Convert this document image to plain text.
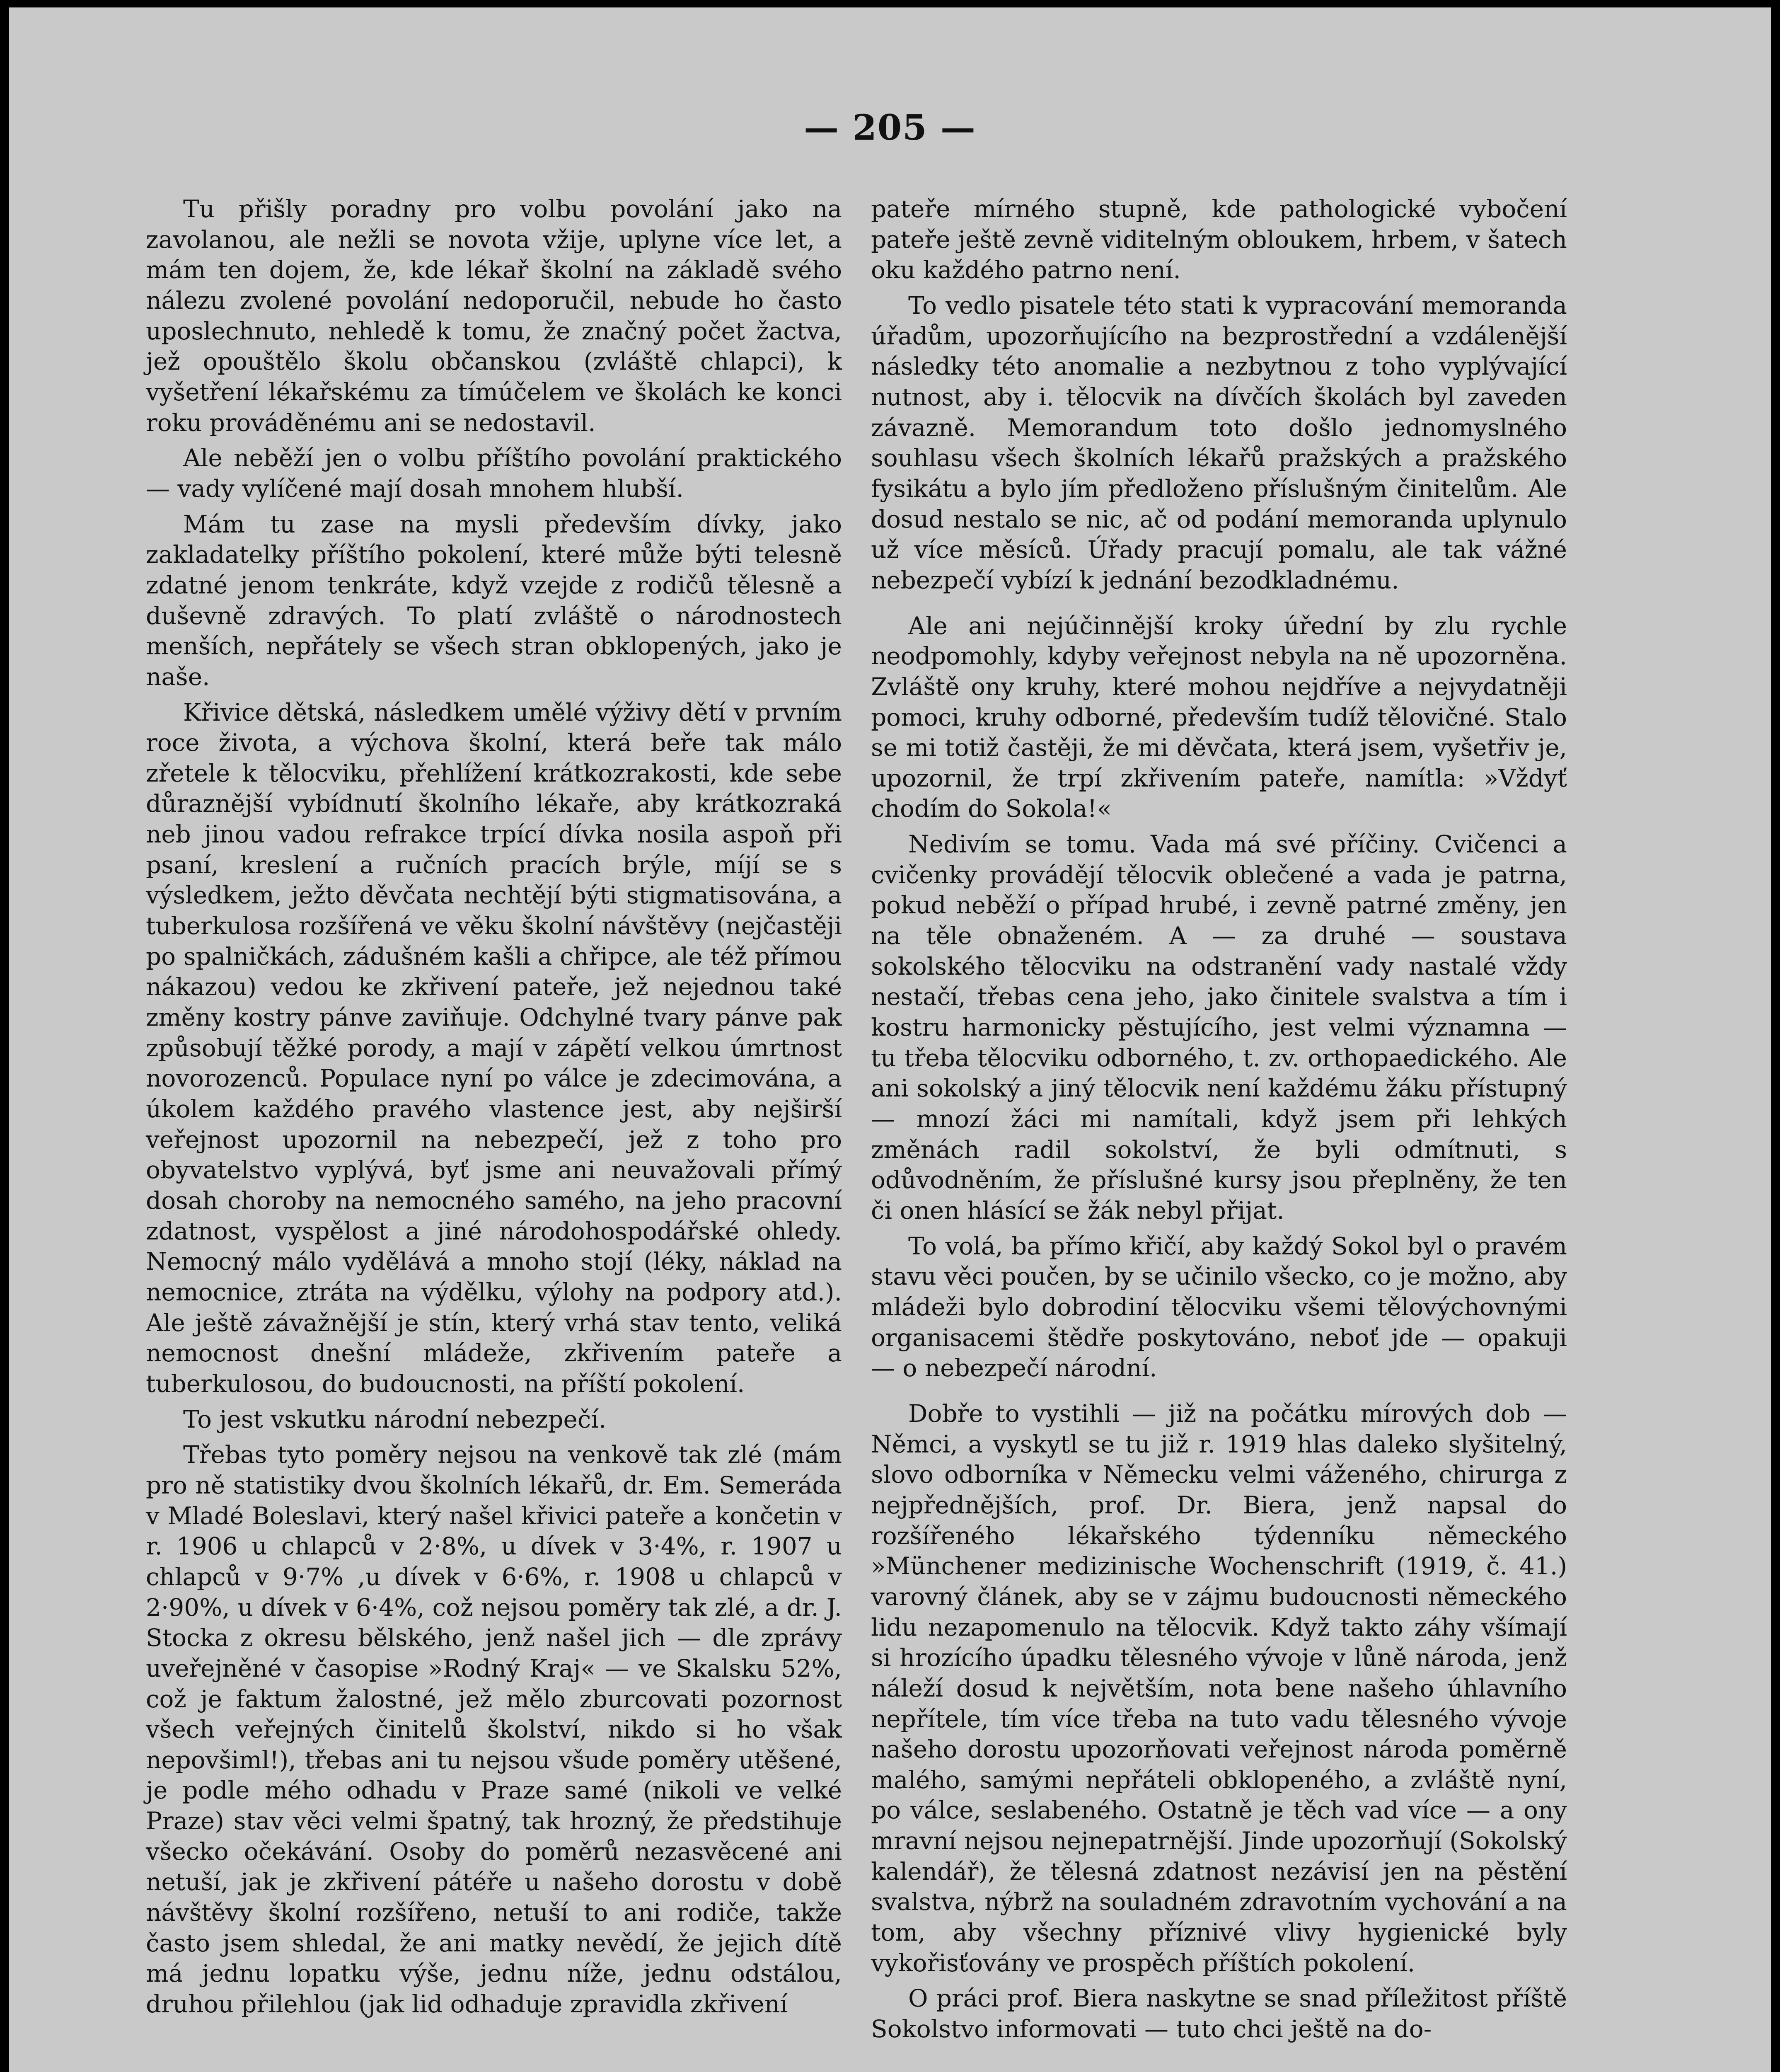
— 205 —

Tu přišly poradny pro volbu povolání jako na zavolanou, ale nežli se novota vžije, uplyne více let, a mám ten dojem, že, kde lékař školní na základě svého nálezu zvolené povolání nedoporučil, nebude ho často uposlechnuto, nehledě k tomu, že značný počet žactva, jež opouštělo školu občanskou (zvláště chlapci), k vyšetření lékařskému za tímúčelem ve školách ke konci roku prováděnému ani se nedostavil.

Ale neběží jen o volbu příštího povolání praktického — vady vylíčené mají dosah mnohem hlubší.

Mám tu zase na mysli především dívky, jako zakladatelky příštího pokolení, které může býti telesně zdatné jenom tenkráte, když vzejde z rodičů tělesně a duševně zdravých. To platí zvláště o národnostech menších, nepřátely se všech stran obklopených, jako je naše.

Křivice dětská, následkem umělé výživy dětí v prvním roce života, a výchova školní, která beře tak málo zřetele k tělocviku, přehlížení krátkozrakosti, kde sebe důraznější vybídnutí školního lékaře, aby krátkozraká neb jinou vadou refrakce trpící dívka nosila aspoň při psaní, kreslení a ručních pracích brýle, míjí se s výsledkem, ježto děvčata nechtějí býti stigmatisována, a tuberkulosa rozšířená ve věku školní návštěvy (nejčastěji po spalničkách, zádušném kašli a chřipce, ale též přímou nákazou) vedou ke zkřivení pateře, jež nejednou také změny kostry pánve zaviňuje. Odchylné tvary pánve pak způsobují těžké porody, a mají v zápětí velkou úmrtnost novorozenců. Populace nyní po válce je zdecimována, a úkolem každého pravého vlastence jest, aby nejširší veřejnost upozornil na nebezpečí, jež z toho pro obyvatelstvo vyplývá, byť jsme ani neuvažovali přímý dosah choroby na nemocného samého, na jeho pracovní zdatnost, vyspělost a jiné národohospodářské ohledy. Nemocný málo vydělává a mnoho stojí (léky, náklad na nemocnice, ztráta na výdělku, výlohy na podpory atd.). Ale ještě závažnější je stín, který vrhá stav tento, veliká nemocnost dnešní mládeže, zkřivením pateře a tuberkulosou, do budoucnosti, na příští pokolení.

To jest vskutku národní nebezpečí.

Třebas tyto poměry nejsou na venkově tak zlé (mám pro ně statistiky dvou školních lékařů, dr. Em. Semeráda v Mladé Boleslavi, který našel křivici pateře a končetin v r. 1906 u chlapců v 2·8%, u dívek v 3·4%, r. 1907 u chlapců v 9·7% ,u dívek v 6·6%, r. 1908 u chlapců v 2·90%, u dívek v 6·4%, což nejsou poměry tak zlé, a dr. J. Stocka z okresu bělského, jenž našel jich — dle zprávy uveřejněné v časopise »Rodný Kraj« — ve Skalsku 52%, což je faktum žalostné, jež mělo zburcovati pozornost všech veřejných činitelů školství, nikdo si ho však nepovšiml!), třebas ani tu nejsou všude poměry utěšené, je podle mého odhadu v Praze samé (nikoli ve velké Praze) stav věci velmi špatný, tak hrozný, že předstihuje všecko očekávání. Osoby do poměrů nezasvěcené ani netuší, jak je zkřivení pátéře u našeho dorostu v době návštěvy školní rozšířeno, netuší to ani rodiče, takže často jsem shledal, že ani matky nevědí, že jejich dítě má jednu lopatku výše, jednu níže, jednu odstálou, druhou přilehlou (jak lid odhaduje zpravidla zkřivení

pateře mírného stupně, kde pathologické vybočení pateře ještě zevně viditelným obloukem, hrbem, v šatech oku každého patrno není.

To vedlo pisatele této stati k vypracování memoranda úřadům, upozorňujícího na bezprostřední a vzdálenější následky této anomalie a nezbytnou z toho vyplývající nutnost, aby i. tělocvik na dívčích školách byl zaveden závazně. Memorandum toto došlo jednomyslného souhlasu všech školních lékařů pražských a pražského fysikátu a bylo jím předloženo příslušným činitelům. Ale dosud nestalo se nic, ač od podání memoranda uplynulo už více měsíců. Úřady pracují pomalu, ale tak vážné nebezpečí vybízí k jednání bezodkladnému.

Ale ani nejúčinnější kroky úřední by zlu rychle neodpomohly, kdyby veřejnost nebyla na ně upozorněna. Zvláště ony kruhy, které mohou nejdříve a nejvydatněji pomoci, kruhy odborné, především tudíž tělovičné. Stalo se mi totiž častěji, že mi děvčata, která jsem, vyšetřiv je, upozornil, že trpí zkřivením pateře, namítla: »Vždyť chodím do Sokola!«

Nedivím se tomu. Vada má své příčiny. Cvičenci a cvičenky provádějí tělocvik oblečené a vada je patrna, pokud neběží o případ hrubé, i zevně patrné změny, jen na těle obnaženém. A — za druhé — soustava sokolského tělocviku na odstranění vady nastalé vždy nestačí, třebas cena jeho, jako činitele svalstva a tím i kostru harmonicky pěstujícího, jest velmi významna — tu třeba tělocviku odborného, t. zv. orthopaedického. Ale ani sokolský a jiný tělocvik není každému žáku přístupný — mnozí žáci mi namítali, když jsem při lehkých změnách radil sokolství, že byli odmítnuti, s odůvodněním, že příslušné kursy jsou přeplněny, že ten či onen hlásící se žák nebyl přijat.

To volá, ba přímo křičí, aby každý Sokol byl o pravém stavu věci poučen, by se učinilo všecko, co je možno, aby mládeži bylo dobrodiní tělocviku všemi tělovýchovnými organisacemi štědře poskytováno, neboť jde — opakuji — o nebezpečí národní.

Dobře to vystihli — již na počátku mírových dob — Němci, a vyskytl se tu již r. 1919 hlas daleko slyšitelný, slovo odborníka v Německu velmi váženého, chirurga z nejpřednějších, prof. Dr. Biera, jenž napsal do rozšířeného lékařského týdenníku německého »Münchener medizinische Wochenschrift (1919, č. 41.) varovný článek, aby se v zájmu budoucnosti německého lidu nezapomenulo na tělocvik. Když takto záhy všímají si hrozícího úpadku tělesného vývoje v lůně národa, jenž náleží dosud k největším, nota bene našeho úhlavního nepřítele, tím více třeba na tuto vadu tělesného vývoje našeho dorostu upozorňovati veřejnost národa poměrně malého, samými nepřáteli obklopeného, a zvláště nyní, po válce, seslabeného. Ostatně je těch vad více — a ony mravní nejsou nejnepatrnější. Jinde upozorňují (Sokolský kalendář), že tělesná zdatnost nezávisí jen na pěstění svalstva, nýbrž na souladném zdravotním vychování a na tom, aby všechny příznivé vlivy hygienické byly vykořisťovány ve prospěch příštích pokolení.

O práci prof. Biera naskytne se snad příležitost příště Sokolstvo informovati — tuto chci ještě na do-
